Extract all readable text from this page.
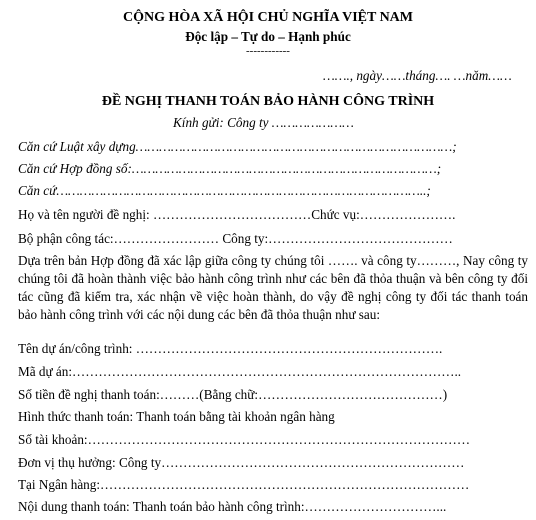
CỘNG HÒA XÃ HỘI CHỦ NGHĨA VIỆT NAM
Độc lập – Tự do – Hạnh phúc
------------
……., ngày……tháng…. …năm……
ĐỀ NGHỊ THANH TOÁN BẢO HÀNH CÔNG TRÌNH
Kính gửi: Công ty …………………
Căn cứ Luật xây dựng………………………………………………………………………;
Căn cứ Hợp đồng số:……………………………………………………………………;
Căn cứ…………………………………………………………………………………..;
Họ và tên người đề nghị: ………………………………Chức vụ:………………….
Bộ phận công tác:…………………… Công ty:……………………………………
Dựa trên bản Hợp đồng đã xác lập giữa công ty chúng tôi ……. và công ty………, Nay công ty chúng tôi đã hoàn thành việc bảo hành công trình như các bên đã thỏa thuận và bên công ty đối tác cũng đã kiểm tra, xác nhận về việc hoàn thành, do vậy đề nghị công ty đối tác thanh toán bảo hành công trình với các nội dung các bên đã thỏa thuận như sau:
Tên dự án/công trình: …………………………………………………………….
Mã dự án:……………………………………………………………………………..
Số tiền đề nghị thanh toán:………(Bằng chữ:……………………………………)
Hình thức thanh toán: Thanh toán bằng tài khoản ngân hàng
Số tài khoản:……………………………………………………………………………
Đơn vị thụ hưởng: Công ty……………………………………………………………
Tại Ngân hàng:…………………………………………………………………………
Nội dung thanh toán: Thanh toán bảo hành công trình:…………………………...
